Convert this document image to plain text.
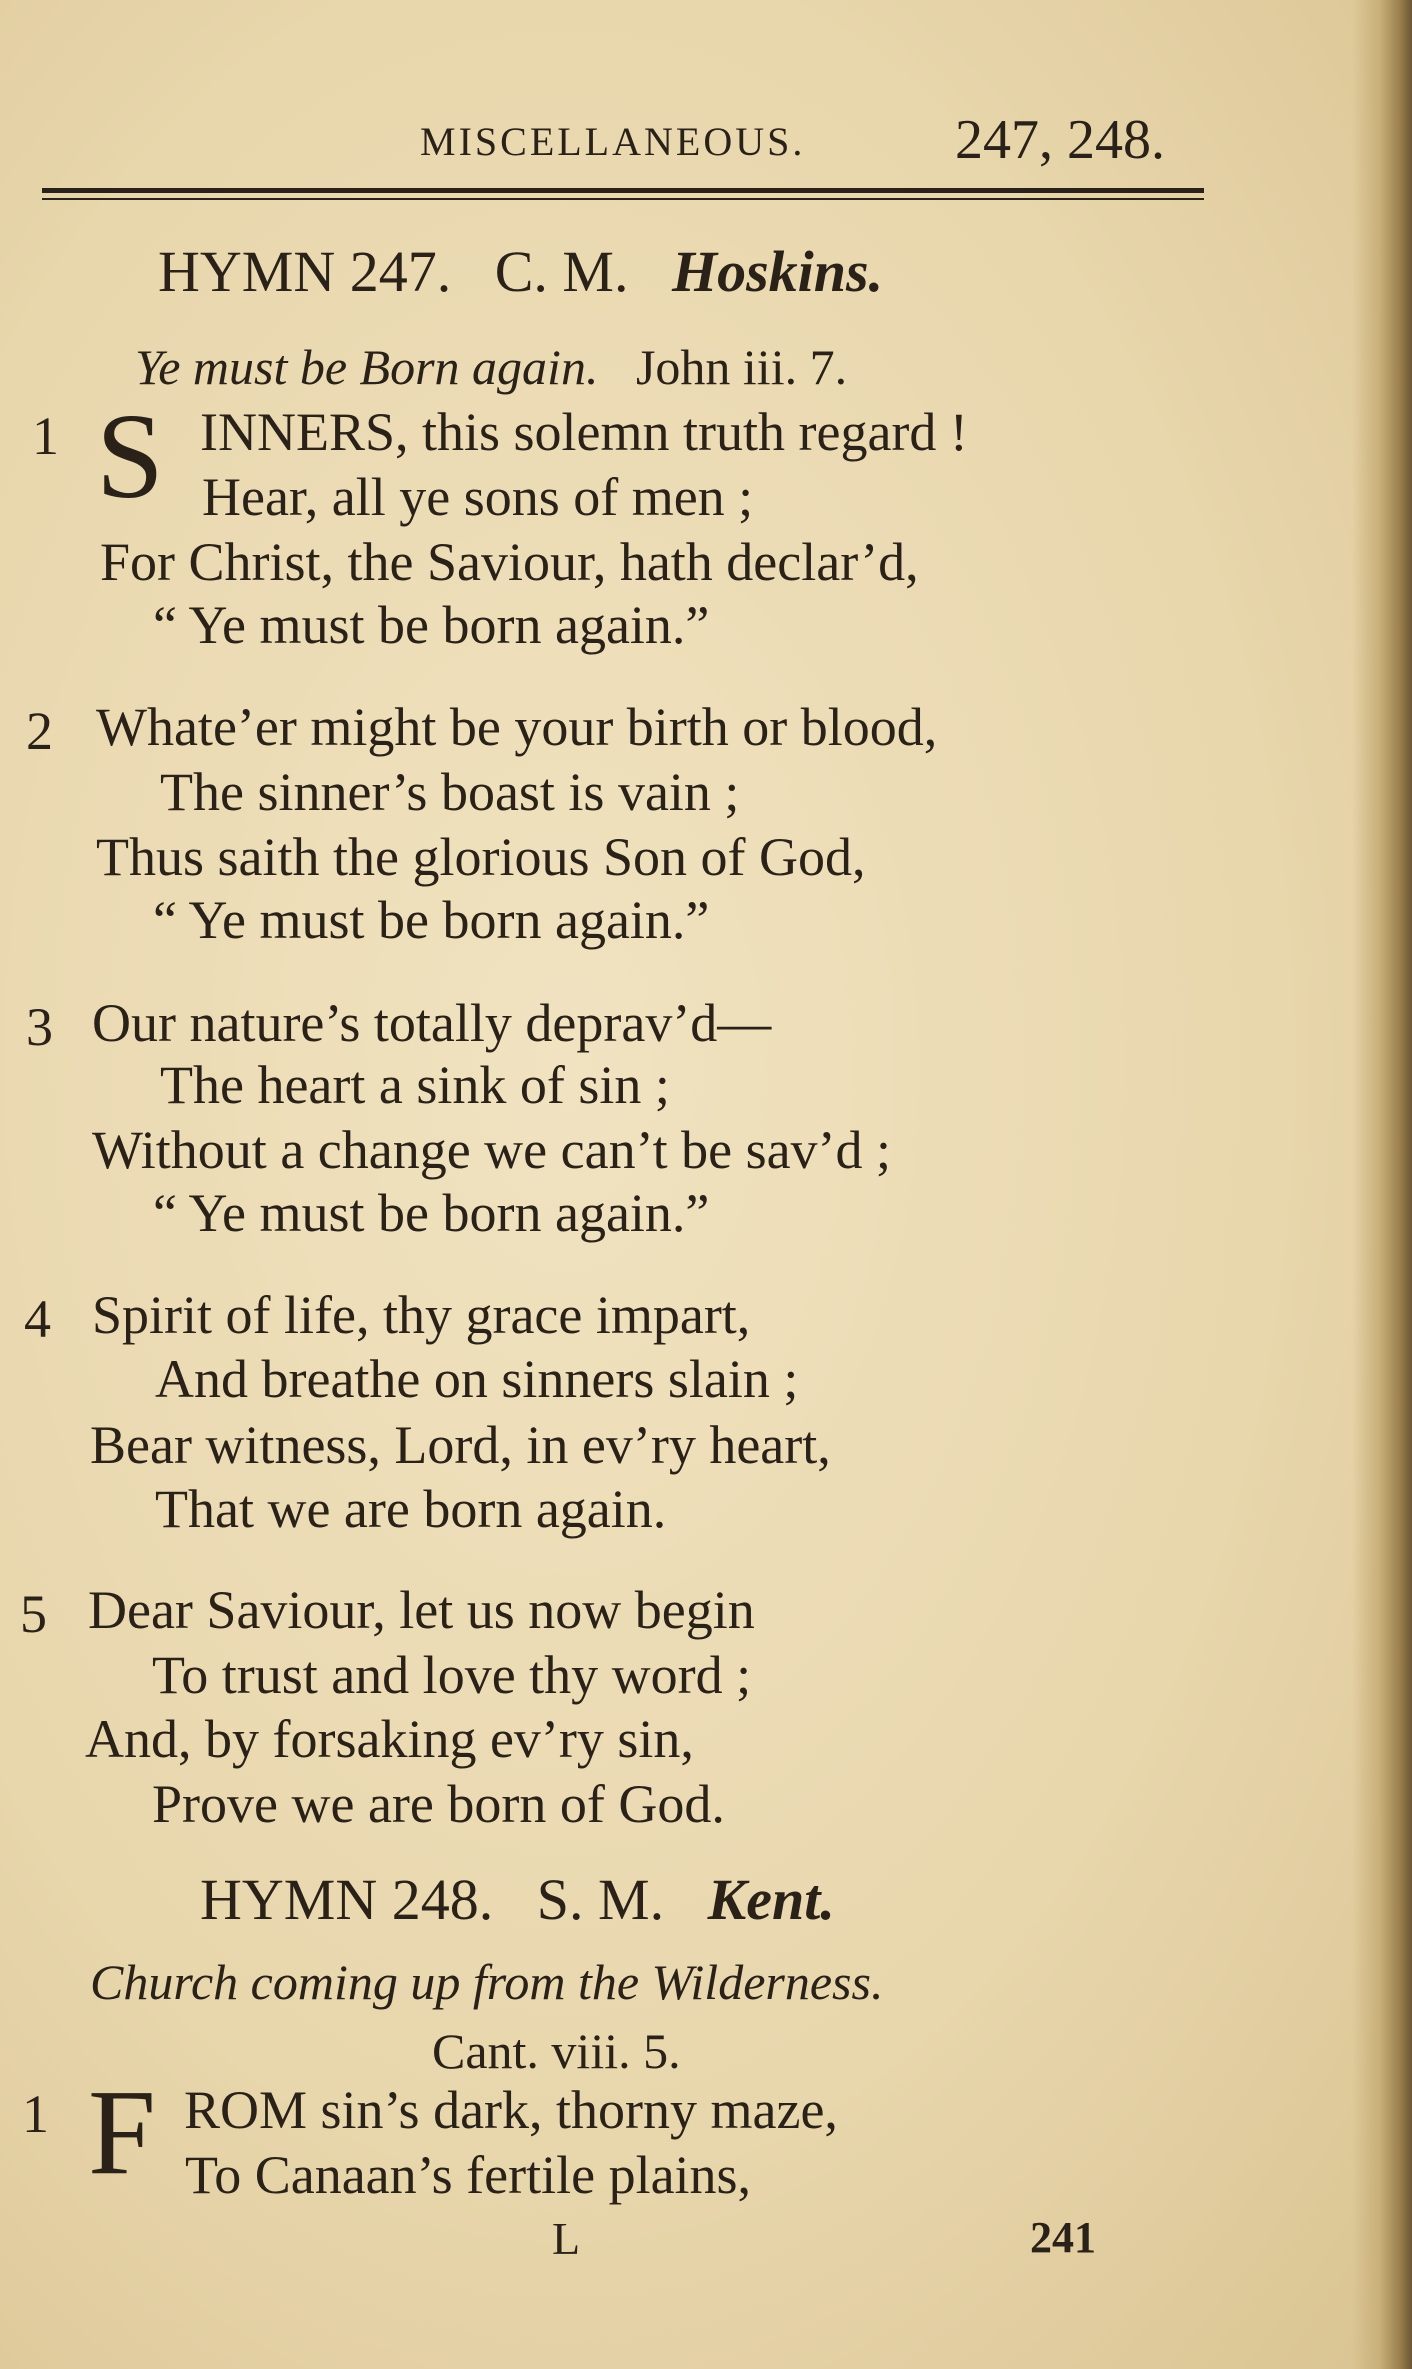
MISCELLANEOUS.	247, 248.
HYMN 247. C. M. Hoskins.
Ye must be Born again. John iii. 7.
1 S INNERS, this solemn truth regard !
Hear, all ye sons of men ;
For Christ, the Saviour, hath declar’d,
“ Ye must be born again.”
2 Whate’er might be your birth or blood,
The sinner’s boast is vain ;
Thus saith the glorious Son of God,
“ Ye must be born again.”
3 Our nature’s totally deprav’d—
The heart a sink of sin ;
Without a change we can’t be sav’d ;
“ Ye must be born again.”
4 Spirit of life, thy grace impart,
And breathe on sinners slain ;
Bear witness, Lord, in ev’ry heart,
That we are born again.
5 Dear Saviour, let us now begin
To trust and love thy word ;
And, by forsaking ev’ry sin,
Prove we are born of God.
HYMN 248. S. M. Kent.
Church coming up from the Wilderness.
Cant. viii. 5.
1 F ROM sin’s dark, thorny maze,
To Canaan’s fertile plains,
L	241
